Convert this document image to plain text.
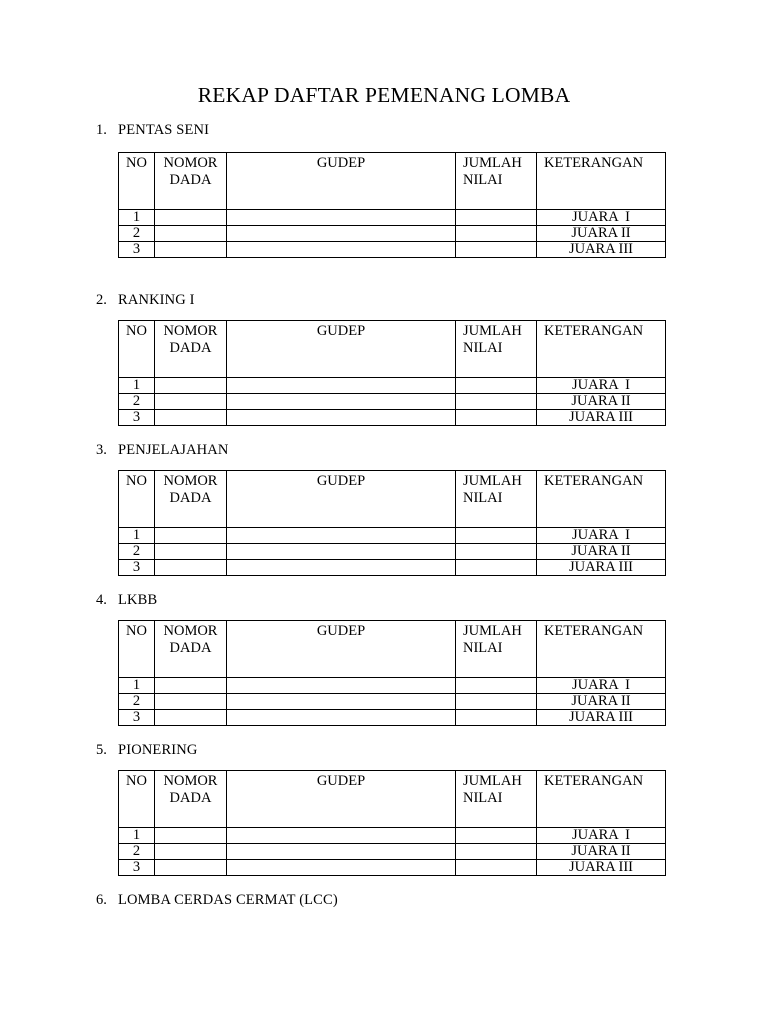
REKAP DAFTAR PEMENANG LOMBA
1. PENTAS SENI
NO	NOMOR DADA	GUDEP	JUMLAH NILAI	KETERANGAN
1				JUARA  I
2				JUARA II
3				JUARA III
2. RANKING I
NO	NOMOR DADA	GUDEP	JUMLAH NILAI	KETERANGAN
1				JUARA  I
2				JUARA II
3				JUARA III
3. PENJELAJAHAN
NO	NOMOR DADA	GUDEP	JUMLAH NILAI	KETERANGAN
1				JUARA  I
2				JUARA II
3				JUARA III
4. LKBB
NO	NOMOR DADA	GUDEP	JUMLAH NILAI	KETERANGAN
1				JUARA  I
2				JUARA II
3				JUARA III
5. PIONERING
NO	NOMOR DADA	GUDEP	JUMLAH NILAI	KETERANGAN
1				JUARA  I
2				JUARA II
3				JUARA III
6. LOMBA CERDAS CERMAT (LCC)
